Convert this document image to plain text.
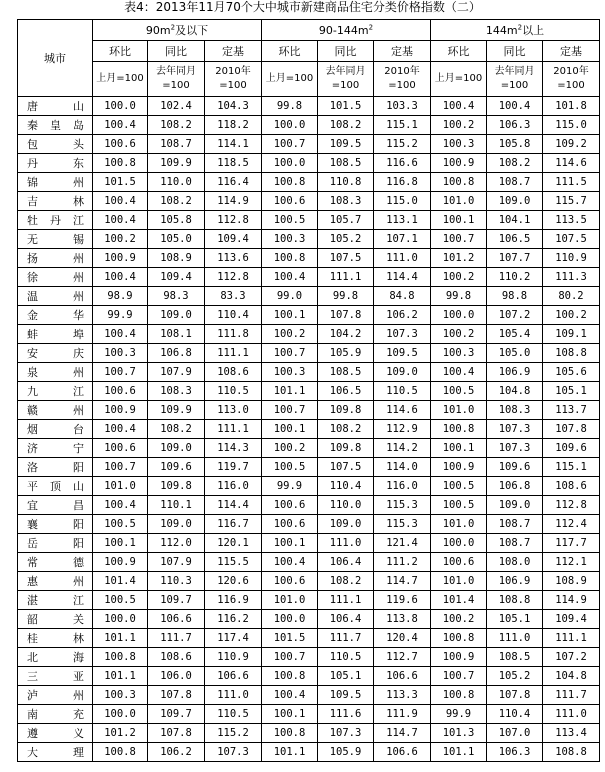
表4：2013年11月70个大中城市新建商品住宅分类价格指数（二）
城市	$90m^2$及以下			$90-144m^2$			$144m^2$以上		
	环比	同比	定基	环比	同比	定基	环比	同比	定基
	上月=100	去年同月=100	2010年=100	上月=100	去年同月=100	2010年=100	上月=100	去年同月=100	2010年=100

唐 山	100.0	102.4	104.3	99.8	101.5	103.3	100.4	100.4	101.8

秦 皇 岛	100.4	108.2	118.2	100.0	108.2	115.1	100.2	106.3	115.0

包 头	100.6	108.7	114.1	100.7	109.5	115.2	100.3	105.8	109.2

丹 东	100.8	109.9	118.5	100.0	108.5	116.6	100.9	108.2	114.6

锦 州	101.5	110.0	116.4	100.8	110.8	116.8	100.8	108.7	111.5

吉 林	100.4	108.2	114.9	100.6	108.3	115.0	101.0	109.0	115.7

牡 丹 江	100.4	105.8	112.8	100.5	105.7	113.1	100.1	104.1	113.5

无 锡	100.2	105.0	109.4	100.3	105.2	107.1	100.7	106.5	107.5

扬 州	100.9	108.9	113.6	100.8	107.5	111.0	101.2	107.7	110.9

徐 州	100.4	109.4	112.8	100.4	111.1	114.4	100.2	110.2	111.3

温 州	98.9	98.3	83.3	99.0	99.8	84.8	99.8	98.8	80.2

金 华	99.9	109.0	110.4	100.1	107.8	106.2	100.0	107.2	100.2

蚌 埠	100.4	108.1	111.8	100.2	104.2	107.3	100.2	105.4	109.1

安 庆	100.3	106.8	111.1	100.7	105.9	109.5	100.3	105.0	108.8

泉 州	100.7	107.9	108.6	100.3	108.5	109.0	100.4	106.9	105.6

九 江	100.6	108.3	110.5	101.1	106.5	110.5	100.5	104.8	105.1

赣 州	100.9	109.9	113.0	100.7	109.8	114.6	101.0	108.3	113.7

烟 台	100.4	108.2	111.1	100.1	108.2	112.9	100.8	107.3	107.8

济 宁	100.6	109.0	114.3	100.2	109.8	114.2	100.1	107.3	109.6

洛 阳	100.7	109.6	119.7	100.5	107.5	114.0	100.9	109.6	115.1

平 顶 山	101.0	109.8	116.0	99.9	110.4	116.0	100.5	106.8	108.6

宜 昌	100.4	110.1	114.4	100.6	110.0	115.3	100.5	109.0	112.8

襄 阳	100.5	109.0	116.7	100.6	109.0	115.3	101.0	108.7	112.4

岳 阳	100.1	112.0	120.1	100.1	111.0	121.4	100.0	108.7	117.7

常 德	100.9	107.9	115.5	100.4	106.4	111.2	100.6	108.0	112.1

惠 州	101.4	110.3	120.6	100.6	108.2	114.7	101.0	106.9	108.9

湛 江	100.5	109.7	116.9	101.0	111.1	119.6	101.4	108.8	114.9

韶 关	100.0	106.6	116.2	100.0	106.4	113.8	100.2	105.1	109.4

桂 林	101.1	111.7	117.4	101.5	111.7	120.4	100.8	111.0	111.1

北 海	100.8	108.6	110.9	100.7	110.5	112.7	100.9	108.5	107.2

三 亚	101.1	106.0	106.6	100.8	105.1	106.6	100.7	105.2	104.8

泸 州	100.3	107.8	111.0	100.4	109.5	113.3	100.8	107.8	111.7

南 充	100.0	109.7	110.5	100.1	111.6	111.9	99.9	110.4	111.0

遵 义	101.2	107.8	115.2	100.8	107.3	114.7	101.3	107.0	113.4

大 理	100.8	106.2	107.3	101.1	105.9	106.6	101.1	106.3	108.8
